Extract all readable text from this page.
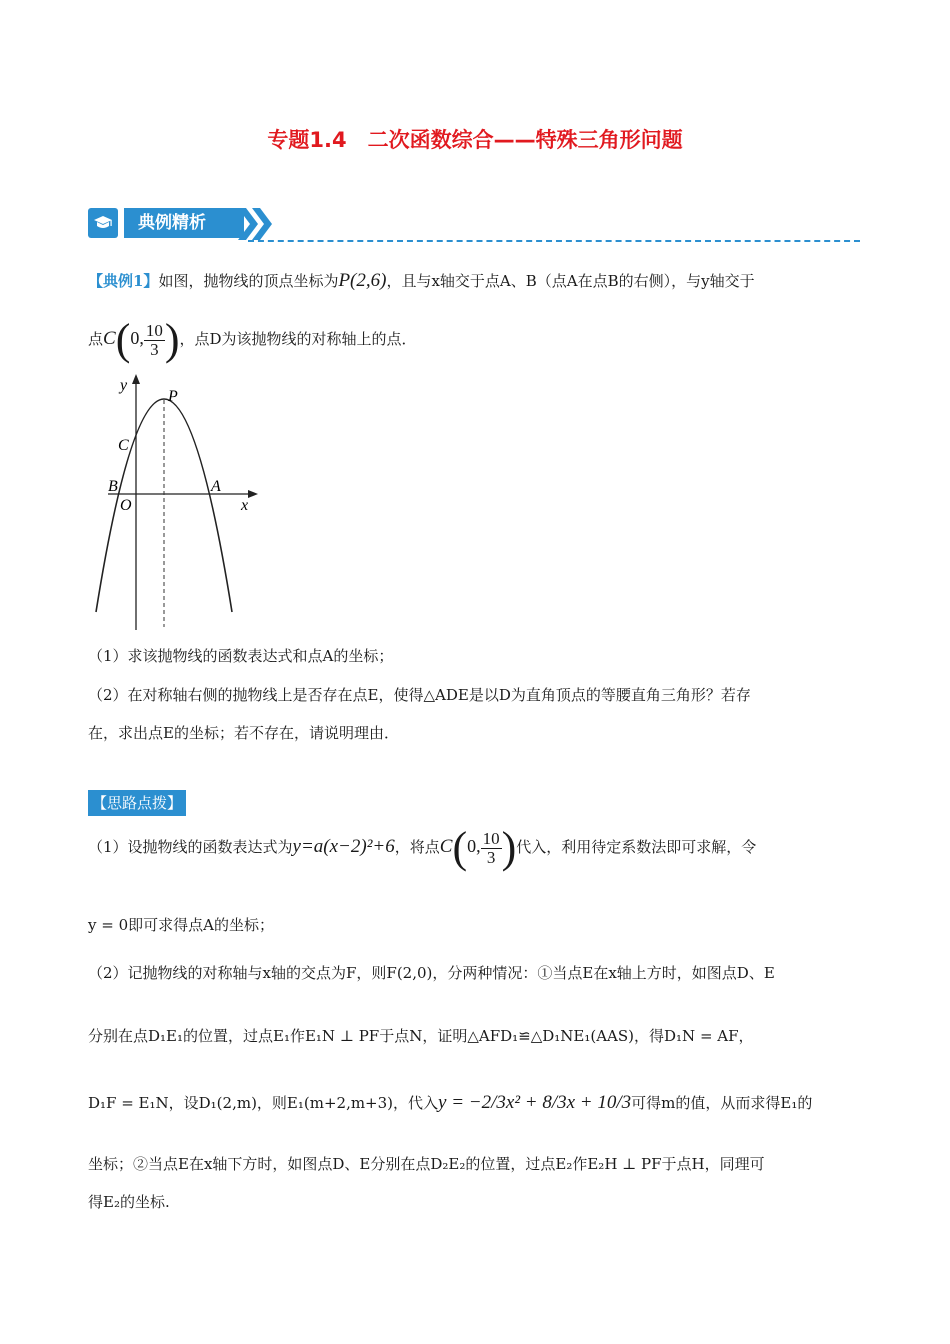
专题1.4　二次函数综合——特殊三角形问题
典例精析
【典例1】如图，抛物线的顶点坐标为P(2,6)，且与x轴交于点A、B（点A在点B的右侧），与y轴交于
点C(0, $\frac{10}{3}$ )，点D为该抛物线的对称轴上的点．
y
P
C
B
O
A
x
（1）求该抛物线的函数表达式和点A的坐标；
（2）在对称轴右侧的抛物线上是否存在点E，使得△ADE是以D为直角顶点的等腰直角三角形？若存
在，求出点E的坐标；若不存在，请说明理由．
【思路点拨】
（1）设抛物线的函数表达式为y=a(x−2)²+6，将点C(0, $\frac{10}{3}$ )代入，利用待定系数法即可求解，令
y = 0即可求得点A的坐标；
（2）记抛物线的对称轴与x轴的交点为F，则F(2,0)，分两种情况：①当点E在x轴上方时，如图点D、E
分别在点D₁E₁的位置，过点E₁作E₁N ⊥ PF于点N，证明△AFD₁≌△D₁NE₁(AAS)，得D₁N = AF，
D₁F = E₁N，设D₁(2,m)，则E₁(m+2,m+3)，代入y = −2/3x² + 8/3x + 10/3可得m的值，从而求得E₁的
坐标；②当点E在x轴下方时，如图点D、E分别在点D₂E₂的位置，过点E₂作E₂H ⊥ PF于点H，同理可
得E₂的坐标.
